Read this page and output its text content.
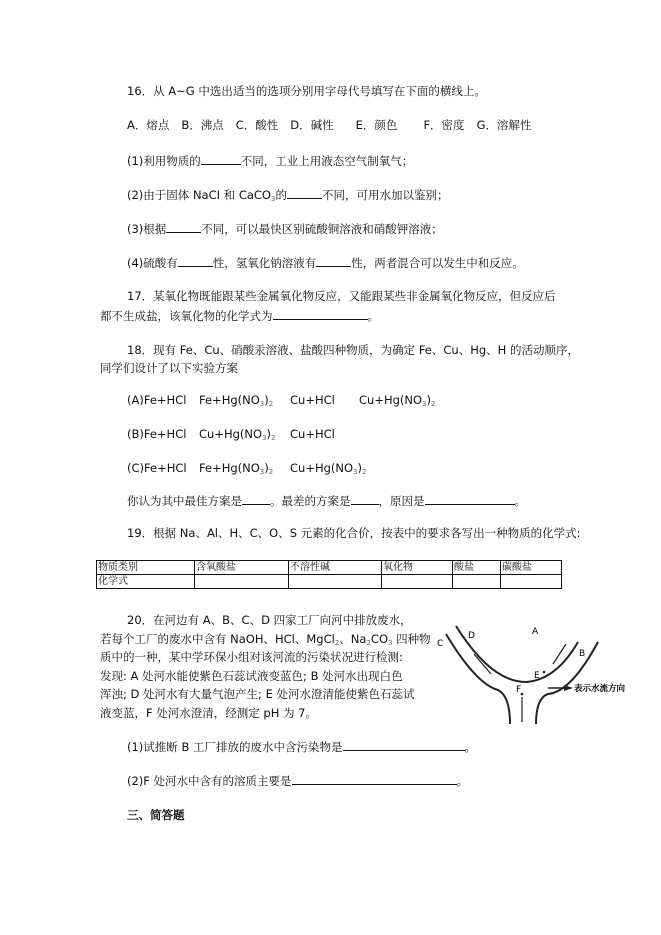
16．从 A~G 中选出适当的选项分别用字母代号填写在下面的横线上。
A．熔点 B．沸点 C．酸性 D．碱性 E．颜色 F．密度 G．溶解性
(1)利用物质的	不同，工业上用液态空气制氧气；
(2)由于固体 NaCI 和 CaCO$_3$的	不同，可用水加以鉴别；
(3)根据	不同，可以最快区别硫酸铜溶液和硝酸钾溶液；
(4)硫酸有	性，氢氧化钠溶液有	性，两者混合可以发生中和反应。
17．某氧化物既能跟某些金属氧化物反应，又能跟某些非金属氧化物反应，但反应后
都不生成盐，该氧化物的化学式为	。
18．现有 Fe、Cu、硝酸汞溶液、盐酸四种物质，为确定 Fe、Cu、Hg、H 的活动顺序，
同学们设计了以下实验方案
(A)Fe+HCl $Fe+Hg(NO_3)_2$ Cu+HCl $Cu+Hg(NO_3)_2$
(B)Fe+HCl $Cu+Hg(NO_3)_2$ Cu+HCl
(C)Fe+HCl $Fe+Hg(NO_3)_2$ $Cu+Hg(NO_3)_2$
你认为其中最佳方案是 。最差的方案是 ，原因是	。
19．根据 Na、Al、H、C、O、S 元素的化合价，按表中的要求各写出一种物质的化学式:
物质类别	含氧酸盐	不溶性碱	氧化物	酸盐	碳酸盐
化学式					
20．在河边有 A、B、C、D 四家工厂向河中排放废水，
若每个工厂的废水中含有 NaOH、HCl、MgCl$_2$、$Na_2CO_3$ 四种物
质中的一种，某中学环保小组对该河流的污染状况进行检测:
发现: A 处河水能使紫色石蕊试液变蓝色; B 处河水出现白色
浑浊; D 处河水有大量气泡产生; E 处河水澄清能使紫色石蕊试
液变蓝，F 处河水澄清，经测定 pH 为 7。
A
B
C
D
E
F	表示水流方向
(1)试推断 B 工厂排放的废水中含污染物是	。
(2)F 处河水中含有的溶质主要是	。
三、简答题
